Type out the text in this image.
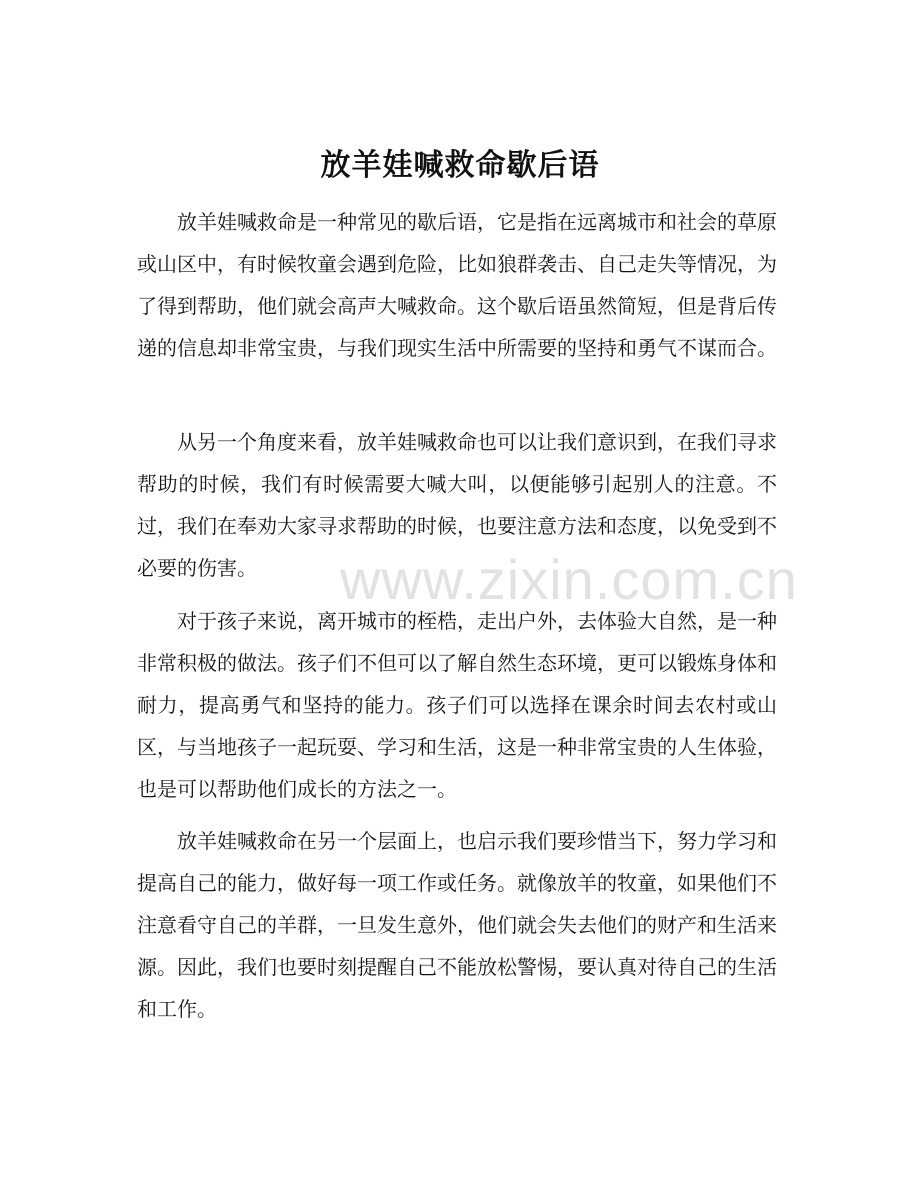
放羊娃喊救命歇后语

放羊娃喊救命是一种常见的歇后语，它是指在远离城市和社会的草原或山区中，有时候牧童会遇到危险，比如狼群袭击、自己走失等情况，为了得到帮助，他们就会高声大喊救命。这个歇后语虽然简短，但是背后传递的信息却非常宝贵，与我们现实生活中所需要的坚持和勇气不谋而合。

从另一个角度来看，放羊娃喊救命也可以让我们意识到，在我们寻求帮助的时候，我们有时候需要大喊大叫，以便能够引起别人的注意。不过，我们在奉劝大家寻求帮助的时候，也要注意方法和态度，以免受到不必要的伤害。

对于孩子来说，离开城市的桎梏，走出户外，去体验大自然，是一种非常积极的做法。孩子们不但可以了解自然生态环境，更可以锻炼身体和耐力，提高勇气和坚持的能力。孩子们可以选择在课余时间去农村或山区，与当地孩子一起玩耍、学习和生活，这是一种非常宝贵的人生体验，也是可以帮助他们成长的方法之一。

放羊娃喊救命在另一个层面上，也启示我们要珍惜当下，努力学习和提高自己的能力，做好每一项工作或任务。就像放羊的牧童，如果他们不注意看守自己的羊群，一旦发生意外，他们就会失去他们的财产和生活来源。因此，我们也要时刻提醒自己不能放松警惕，要认真对待自己的生活和工作。

www.zixin.com.cn
